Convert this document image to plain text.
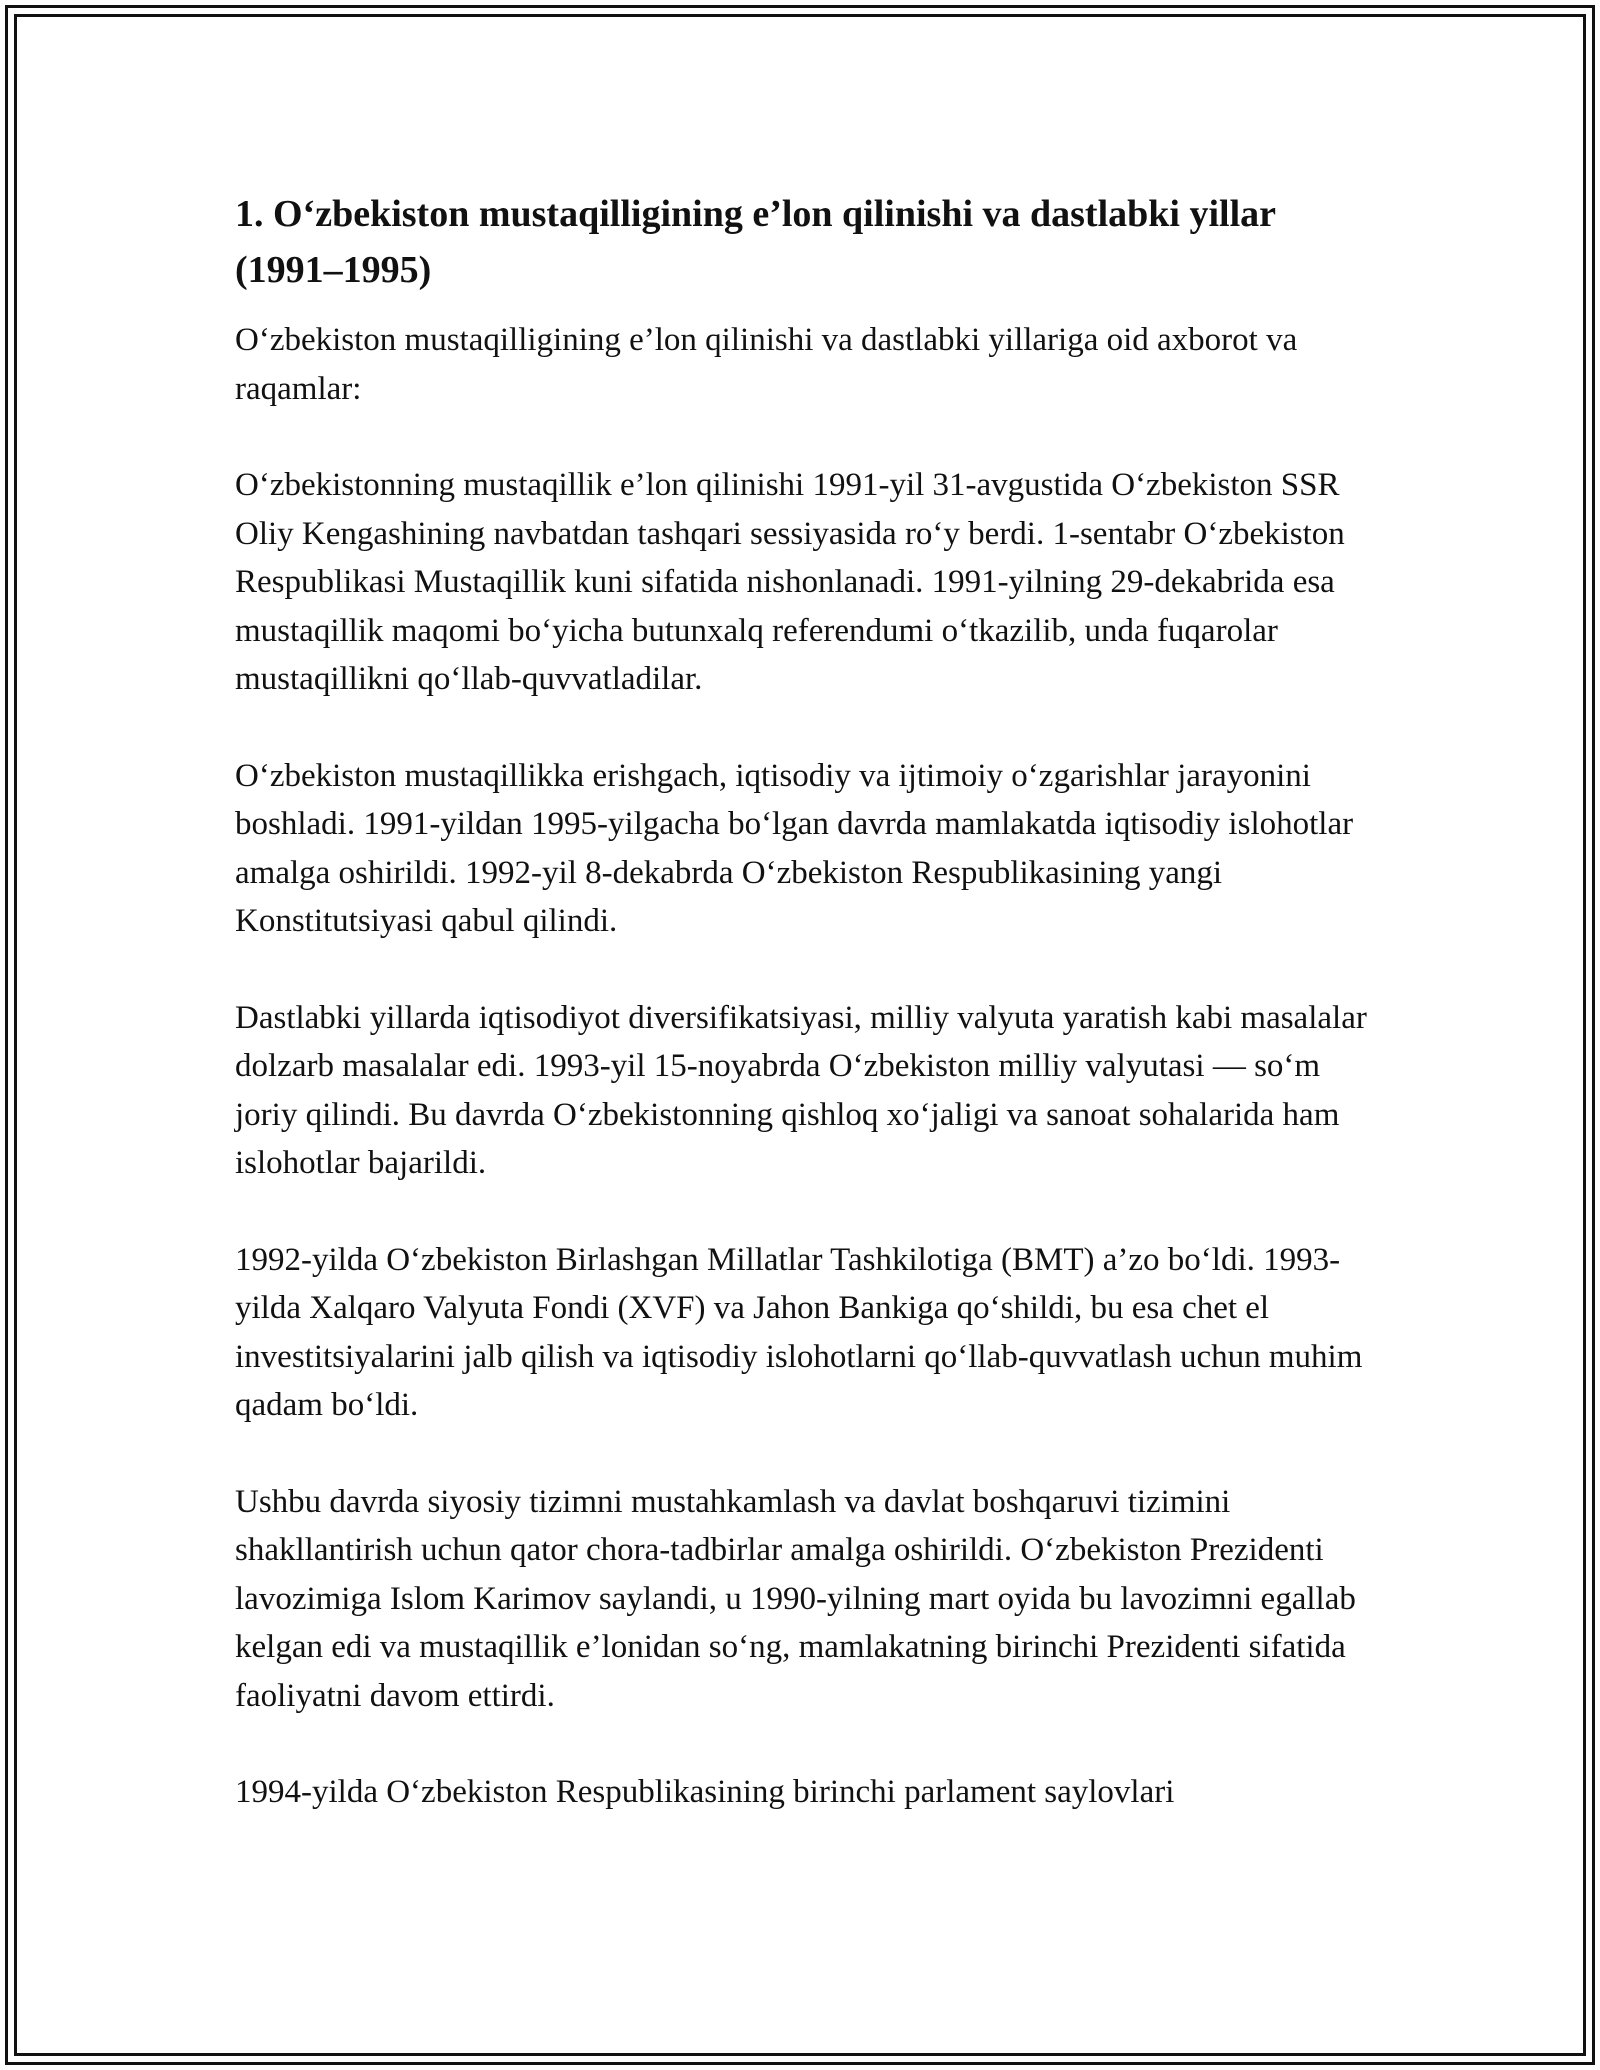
1. O‘zbekiston mustaqilligining e’lon qilinishi va dastlabki yillar (1991–1995)

O‘zbekiston mustaqilligining e’lon qilinishi va dastlabki yillariga oid axborot va raqamlar:

O‘zbekistonning mustaqillik e’lon qilinishi 1991-yil 31-avgustida O‘zbekiston SSR Oliy Kengashining navbatdan tashqari sessiyasida ro‘y berdi. 1-sentabr O‘zbekiston Respublikasi Mustaqillik kuni sifatida nishonlanadi. 1991-yilning 29-dekabrida esa mustaqillik maqomi bo‘yicha butunxalq referendumi o‘tkazilib, unda fuqarolar mustaqillikni qo‘llab-quvvatladilar.

O‘zbekiston mustaqillikka erishgach, iqtisodiy va ijtimoiy o‘zgarishlar jarayonini boshladi. 1991-yildan 1995-yilgacha bo‘lgan davrda mamlakatda iqtisodiy islohotlar amalga oshirildi. 1992-yil 8-dekabrda O‘zbekiston Respublikasining yangi Konstitutsiyasi qabul qilindi.

Dastlabki yillarda iqtisodiyot diversifikatsiyasi, milliy valyuta yaratish kabi masalalar dolzarb masalalar edi. 1993-yil 15-noyabrda O‘zbekiston milliy valyutasi — so‘m joriy qilindi. Bu davrda O‘zbekistonning qishloq xo‘jaligi va sanoat sohalarida ham islohotlar bajarildi.

1992-yilda O‘zbekiston Birlashgan Millatlar Tashkilotiga (BMT) a’zo bo‘ldi. 1993-yilda Xalqaro Valyuta Fondi (XVF) va Jahon Bankiga qo‘shildi, bu esa chet el investitsiyalarini jalb qilish va iqtisodiy islohotlarni qo‘llab-quvvatlash uchun muhim qadam bo‘ldi.

Ushbu davrda siyosiy tizimni mustahkamlash va davlat boshqaruvi tizimini shakllantirish uchun qator chora-tadbirlar amalga oshirildi. O‘zbekiston Prezidenti lavozimiga Islom Karimov saylandi, u 1990-yilning mart oyida bu lavozimni egallab kelgan edi va mustaqillik e’lonidan so‘ng, mamlakatning birinchi Prezidenti sifatida faoliyatni davom ettirdi.

1994-yilda O‘zbekiston Respublikasining birinchi parlament saylovlari
